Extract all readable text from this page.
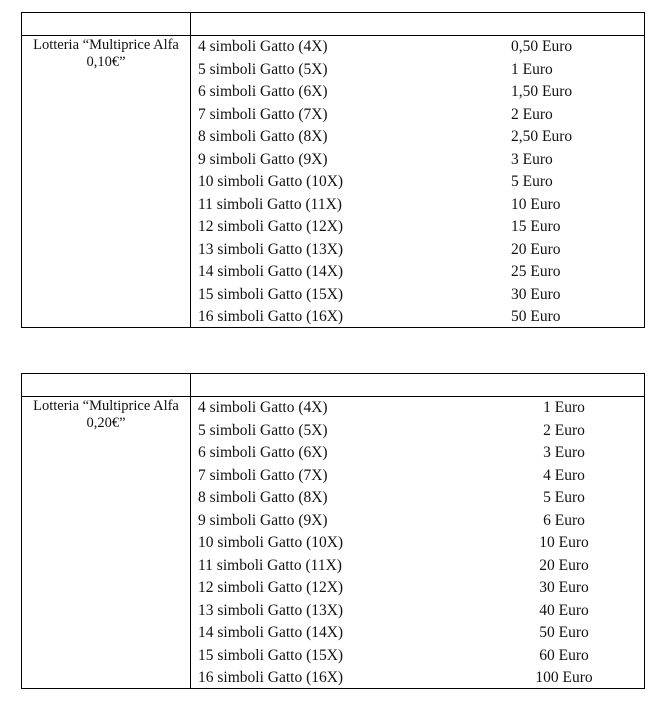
Lotteria “Multiprice Alfa
0,10€”
4 simboli Gatto (4X)	0,50 Euro
5 simboli Gatto (5X)	1 Euro
6 simboli Gatto (6X)	1,50 Euro
7 simboli Gatto (7X)	2 Euro
8 simboli Gatto (8X)	2,50 Euro
9 simboli Gatto (9X)	3 Euro
10 simboli Gatto (10X)	5 Euro
11 simboli Gatto (11X)	10 Euro
12 simboli Gatto (12X)	15 Euro
13 simboli Gatto (13X)	20 Euro
14 simboli Gatto (14X)	25 Euro
15 simboli Gatto (15X)	30 Euro
16 simboli Gatto (16X)	50 Euro
Lotteria “Multiprice Alfa
0,20€”
4 simboli Gatto (4X)	1 Euro
5 simboli Gatto (5X)	2 Euro
6 simboli Gatto (6X)	3 Euro
7 simboli Gatto (7X)	4 Euro
8 simboli Gatto (8X)	5 Euro
9 simboli Gatto (9X)	6 Euro
10 simboli Gatto (10X)	10 Euro
11 simboli Gatto (11X)	20 Euro
12 simboli Gatto (12X)	30 Euro
13 simboli Gatto (13X)	40 Euro
14 simboli Gatto (14X)	50 Euro
15 simboli Gatto (15X)	60 Euro
16 simboli Gatto (16X)	100 Euro
